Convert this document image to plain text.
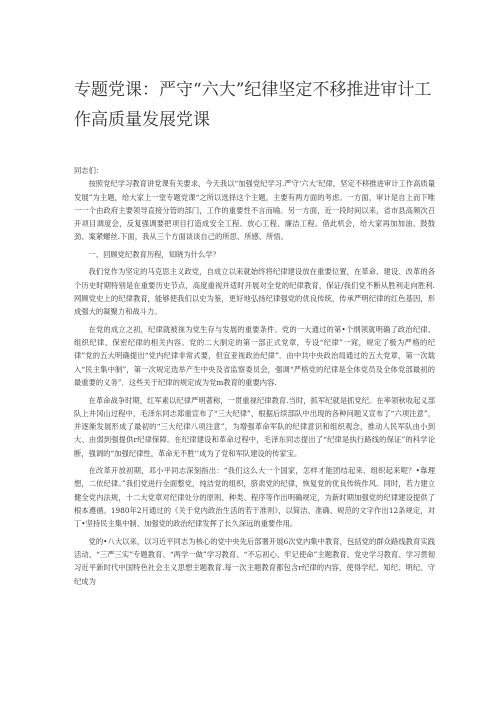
专题党课：严守“六大”纪律坚定不移推进审计工作高质量发展党课

同志们：

按照党纪学习教育讲党课有关要求，今天我以“加强党纪学习.严守‘六大’纪律，坚定不移推进审计工作高质量发展”为主题，给大家上一堂专题党课“之所以选择这个主题，主要有两方面的考虑。一方面，审计是自上而下唯一一个由政府主要领导直接分管的部门，工作的重要性不言而喻。另一方面，近一段时间以来，省市县高频次召开项目调度会，反复强调要把项目打造成安全工程、放心工程、廉洁工程。借此机会，给大家再加加油、鼓鼓劲、案紧螺丝.下面，我从三个方面谈谈自己的所思、所感、所悟。

一、回顾党纪教育历程，知晓为什么学？

我们党作为坚定的马克思主义政党，自成立以来就始终将纪律建设放在重要位置，在革命、建设、改革的各个历史时期特别是在重要历史节点，高度重视并适时开展对全党的纪律教育，保证/我们党不断从胜利走向胜利.网顾党史上的纪律教育，能够使我们以史为鉴，更好地弘扬纪律强党的优良传统，传承严明纪律的红色基因，形成强大的凝聚力和战斗力。

在党的成立之初，纪律就被视为党生存与发展的重要条件。党的一大通过的第•个纲领就明确了政治纪律、组织纪律、保密纪律的相关内容。党的二大制定的第一部正式党章，专设“纪律”一窕，规定了极为严格的纪律”党的五大明确提出“党内纪律非常式要，但宜亚视政治纪律”．由中共中央政治局通过的五大党章，第一次载入“民主集中制”，第一次规定选举产生中央及省监察委员会，强调“严格党的纪律是全体党员及全体党部最初的最重要的义务”．这些关于纪律的规定成为党m教育的重要内容.

在革命战争时期，红军素以纪律严明著称，一贯重视纪律教育.当时，抓军纪就是抓党纪。在率领秋收起义部队上井冈山过程中，毛泽东同志郑重宣布了“三大纪律”，根据后续部队中出现的各种问题又宣布了“六项注意”，并逐渐发展形成了最初的“三大纪律八项注意”，为增强革命军队的纪律意识和组织观念，推动人民军队由小到大、由弱到强提供r纪律保障。在纪律建设和革命过程中，毛泽东同志提出了“纪律是执行路线的保证”的科学论断，强调的“加强纪律性，革命无不胜’’成为了党和军队建设的传家宝。

在改革开放初期，邓小平同志深刻指出：“我们这么大一个国家，怎样才能团结起来、组织起来呢？•靠理想，二依纪律。”我们党进行全面整党，纯洁党的组织，脐肃党的纪律，恢复党的优良传统作风。同时，若力建立健全党内法规，十二大党章对纪律处分的原则、种类、程序等作出明确规定，为新时期加强党的纪律建设提供了根本遵循。1980年2月通过的《关于党内政治生活的若干准则》，以简洁、准确、规范的文字作出12条规定，对丁•坚持民主集中制、加强党的政治纪律发挥了长久深远的重要作用。

党的•八大以来，以习近平同志为核心的党中央先后部署开展6次党内集中教育，包括党的群众路线教育实践活动、“三严三实”专题教育、“两学一做”学习教育、“不忘初心、牢记使命”主题教育、党史学习教育、学习贯彻习近平新时代中国特色社会主义思想主题教育.每一次主题教育都包含r纪律的内容，使得学纪、知纪、明纪、守纪成为
